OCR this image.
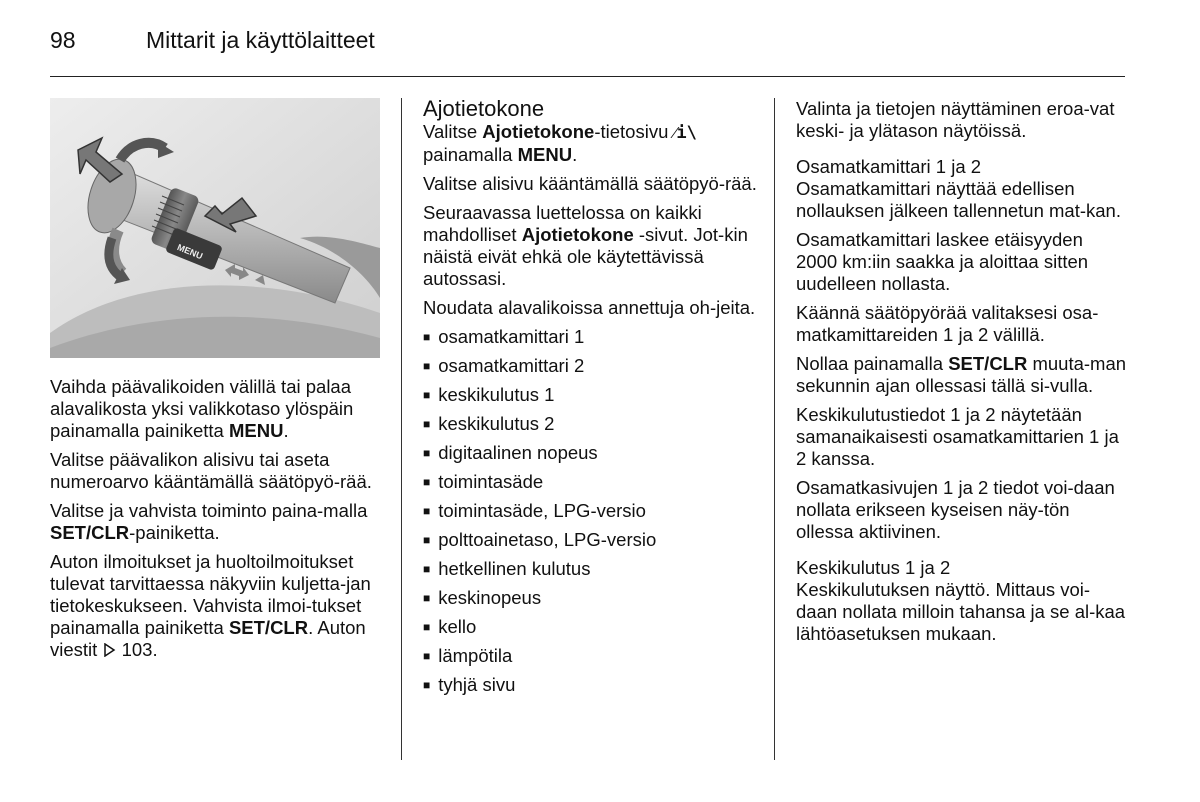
98	Mittarit ja käyttölaitteet
MENU

Vaihda päävalikoiden välillä tai palaa alavalikosta yksi valikkotaso ylöspäin painamalla painiketta MENU.

Valitse päävalikon alisivu tai aseta numeroarvo kääntämällä säätöpyö-rää.

Valitse ja vahvista toiminto paina-malla SET/CLR-painiketta.

Auton ilmoitukset ja huoltoilmoitukset tulevat tarvittaessa näkyviin kuljetta-jan tietokeskukseen. Vahvista ilmoi-tukset painamalla painiketta SET/CLR. Auton viestit  103.

Ajotietokone

Valitse Ajotietokone-tietosivu ⁄i\ painamalla MENU.

Valitse alisivu kääntämällä säätöpyö-rää.

Seuraavassa luettelossa on kaikki mahdolliset Ajotietokone -sivut. Jot-kin näistä eivät ehkä ole käytettävissä autossasi.

Noudata alavalikoissa annettuja oh-jeita.

■ osamatkamittari 1
■ osamatkamittari 2
■ keskikulutus 1
■ keskikulutus 2
■ digitaalinen nopeus
■ toimintasäde
■ toimintasäde, LPG-versio
■ polttoainetaso, LPG-versio
■ hetkellinen kulutus
■ keskinopeus
■ kello
■ lämpötila
■ tyhjä sivu

Valinta ja tietojen näyttäminen eroa-vat keski- ja ylätason näytöissä.

Osamatkamittari 1 ja 2

Osamatkamittari näyttää edellisen nollauksen jälkeen tallennetun mat-kan.

Osamatkamittari laskee etäisyyden 2000 km:iin saakka ja aloittaa sitten uudelleen nollasta.

Käännä säätöpyörää valitaksesi osa-matkamittareiden 1 ja 2 välillä.

Nollaa painamalla SET/CLR muuta-man sekunnin ajan ollessasi tällä si-vulla.

Keskikulutustiedot 1 ja 2 näytetään samanaikaisesti osamatkamittarien 1 ja 2 kanssa.

Osamatkasivujen 1 ja 2 tiedot voi-daan nollata erikseen kyseisen näy-tön ollessa aktiivinen.

Keskikulutus 1 ja 2

Keskikulutuksen näyttö. Mittaus voi-daan nollata milloin tahansa ja se al-kaa lähtöasetuksen mukaan.
